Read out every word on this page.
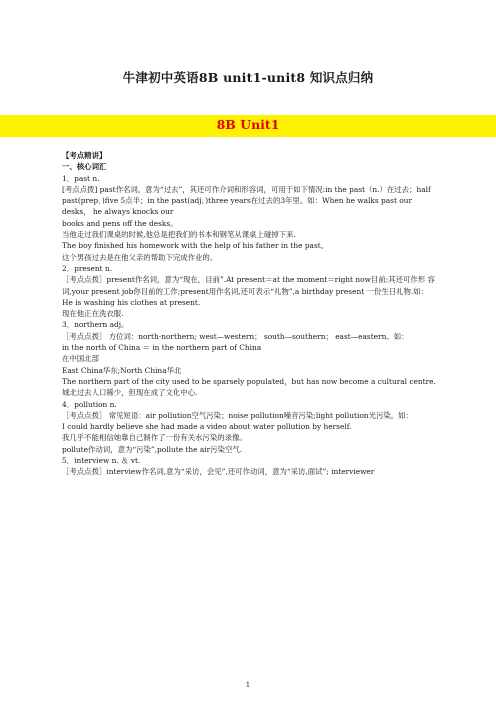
牛津初中英语8B unit1-unit8 知识点归纳
8B Unit1

【考点精讲】

一、核心词汇

1．past n.

[考点点拨] past作名词，意为“过去”，其还可作介词和形容词，可用于如下情况:in the past（n.）在过去；half past(prep．)five 5点半；in the past(adj．)three years在过去的3年里。如：When he walks past our desks， he always knocks our

books and pens off the desks。

当他走过我们课桌的时候,他总是把我们的书本和钢笔从课桌上碰掉下来.

The boy finished his homework with the help of his father in the past。

这个男孩过去是在他父亲的帮助下完成作业的。

2．present n.

［考点点拨］present作名词，意为“现在，目前”.At present＝at the moment＝right now目前;其还可作形 容词,your present job你目前的工作;present用作名词,还可表示“礼物”,a birthday present 一份生日礼物.如：

He is washing his clothes at present.

现在他正在洗衣服.

3．northern adj。

［考点点拨］ 方位词：north-northern; west—western； south—southern； east—eastern。如：

in the north of China ＝ in the northern part of China

在中国北部

East China华东;North China华北

The northern part of the city used to be sparsely populated，but has now become a cultural centre.

城北过去人口稀少，但现在成了文化中心.

4．pollution n.

［考点点拨］ 常见短语：air pollution空气污染；noise pollution噪音污染;light pollution光污染。如：

I could hardly believe she had made a video about water pollution by herself.

我几乎不能相信她靠自己制作了一份有关水污染的录像。

pollute作动词，意为“污染”,pollute the air污染空气.

5．interview n. ＆ vt.

［考点点拨］interview作名词,意为“采访，会见”,还可作动词，意为“采访,面试”; interviewer

1
